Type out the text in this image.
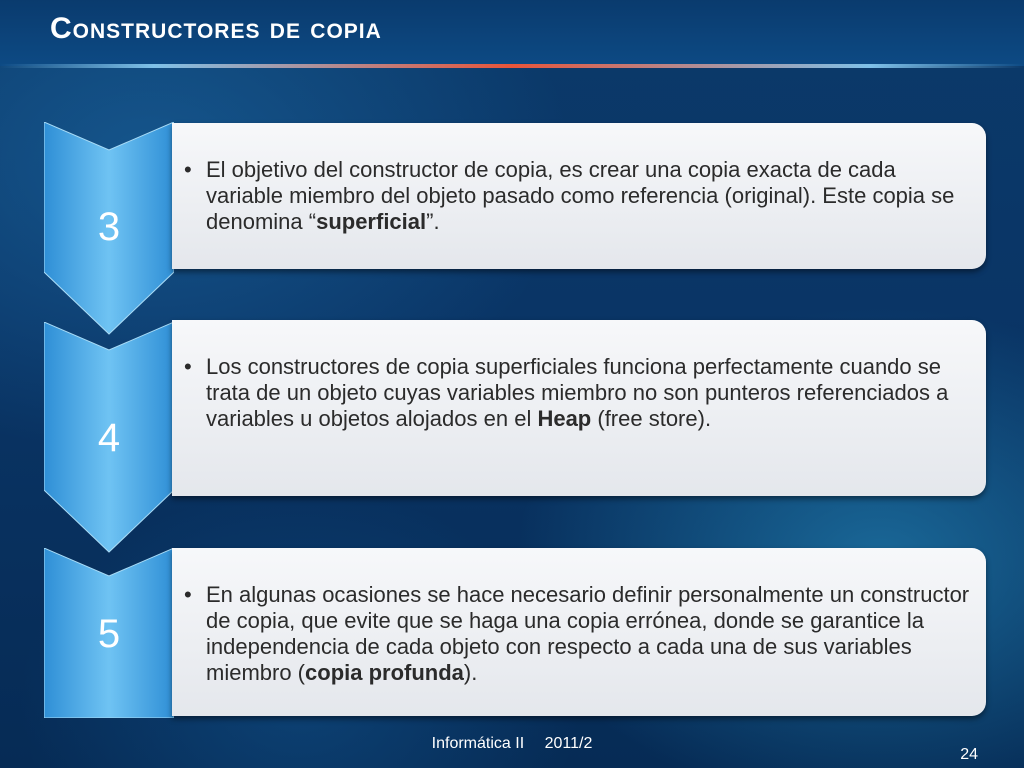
Constructores de copia
3
• El objetivo del constructor de copia, es crear una copia exacta de cada variable miembro del objeto pasado como referencia (original). Este copia se denomina “superficial”.
4
• Los constructores de copia superficiales funciona perfectamente cuando se trata de un objeto cuyas variables miembro no son punteros referenciados a variables u objetos alojados en el Heap (free store).
5
• En algunas ocasiones se hace necesario definir personalmente un constructor de copia, que evite que se haga una copia errónea, donde se garantice la independencia de cada objeto con respecto a cada una de sus variables miembro (copia profunda).
Informática II 2011/2
24
